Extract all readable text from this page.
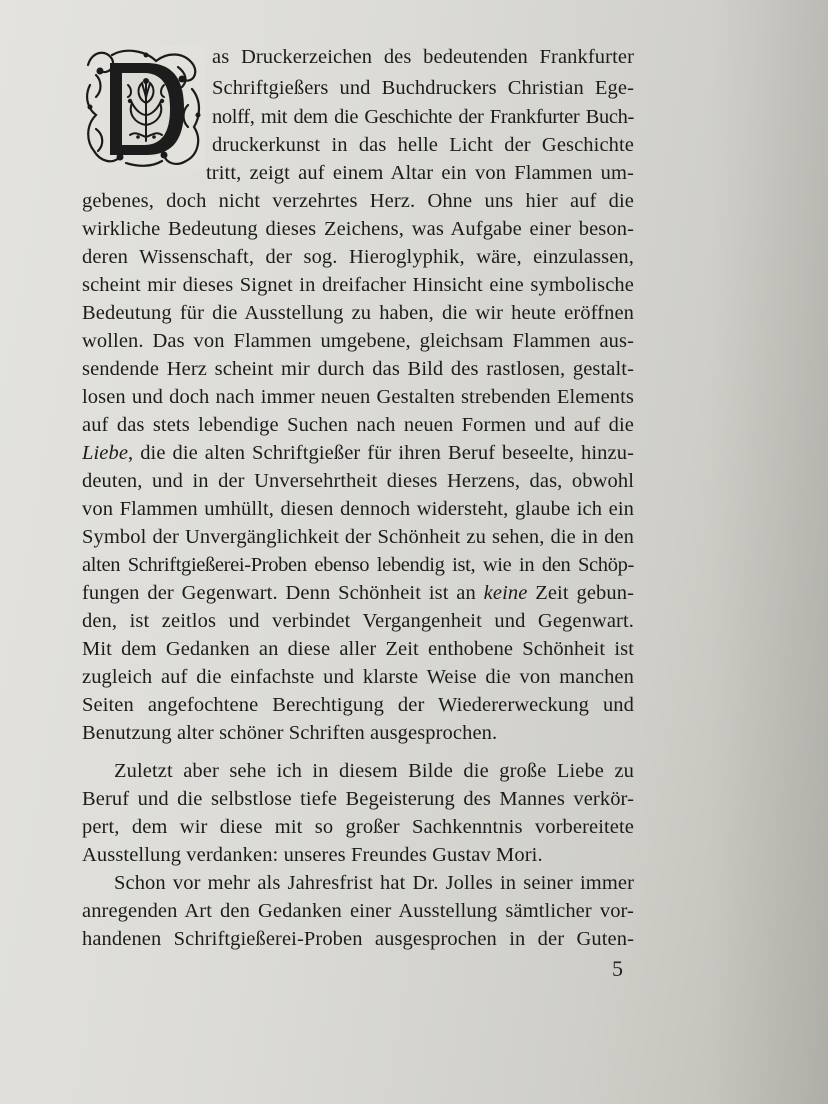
as Druckerzeichen des bedeutenden Frankfurter

Schriftgießers und Buchdruckers Christian Ege-

nolff, mit dem die Geschichte der Frankfurter Buch-

druckerkunst in das helle Licht der Geschichte

tritt, zeigt auf einem Altar ein von Flammen um-

gebenes, doch nicht verzehrtes Herz. Ohne uns hier auf die

wirkliche Bedeutung dieses Zeichens, was Aufgabe einer beson-

deren Wissenschaft, der sog. Hieroglyphik, wäre, einzulassen,

scheint mir dieses Signet in dreifacher Hinsicht eine symbolische

Bedeutung für die Ausstellung zu haben, die wir heute eröffnen

wollen. Das von Flammen umgebene, gleichsam Flammen aus-

sendende Herz scheint mir durch das Bild des rastlosen, gestalt-

losen und doch nach immer neuen Gestalten strebenden Elements

auf das stets lebendige Suchen nach neuen Formen und auf die

Liebe, die die alten Schriftgießer für ihren Beruf beseelte, hinzu-

deuten, und in der Unversehrtheit dieses Herzens, das, obwohl

von Flammen umhüllt, diesen dennoch widersteht, glaube ich ein

Symbol der Unvergänglichkeit der Schönheit zu sehen, die in den

alten Schriftgießerei-Proben ebenso lebendig ist, wie in den Schöp-

fungen der Gegenwart. Denn Schönheit ist an keine Zeit gebun-

den, ist zeitlos und verbindet Vergangenheit und Gegenwart.

Mit dem Gedanken an diese aller Zeit enthobene Schönheit ist

zugleich auf die einfachste und klarste Weise die von manchen

Seiten angefochtene Berechtigung der Wiedererweckung und

Benutzung alter schöner Schriften ausgesprochen.

Zuletzt aber sehe ich in diesem Bilde die große Liebe zu

Beruf und die selbstlose tiefe Begeisterung des Mannes verkör-

pert, dem wir diese mit so großer Sachkenntnis vorbereitete

Ausstellung verdanken: unseres Freundes Gustav Mori.

Schon vor mehr als Jahresfrist hat Dr. Jolles in seiner immer

anregenden Art den Gedanken einer Ausstellung sämtlicher vor-

handenen Schriftgießerei-Proben ausgesprochen in der Guten-

5
